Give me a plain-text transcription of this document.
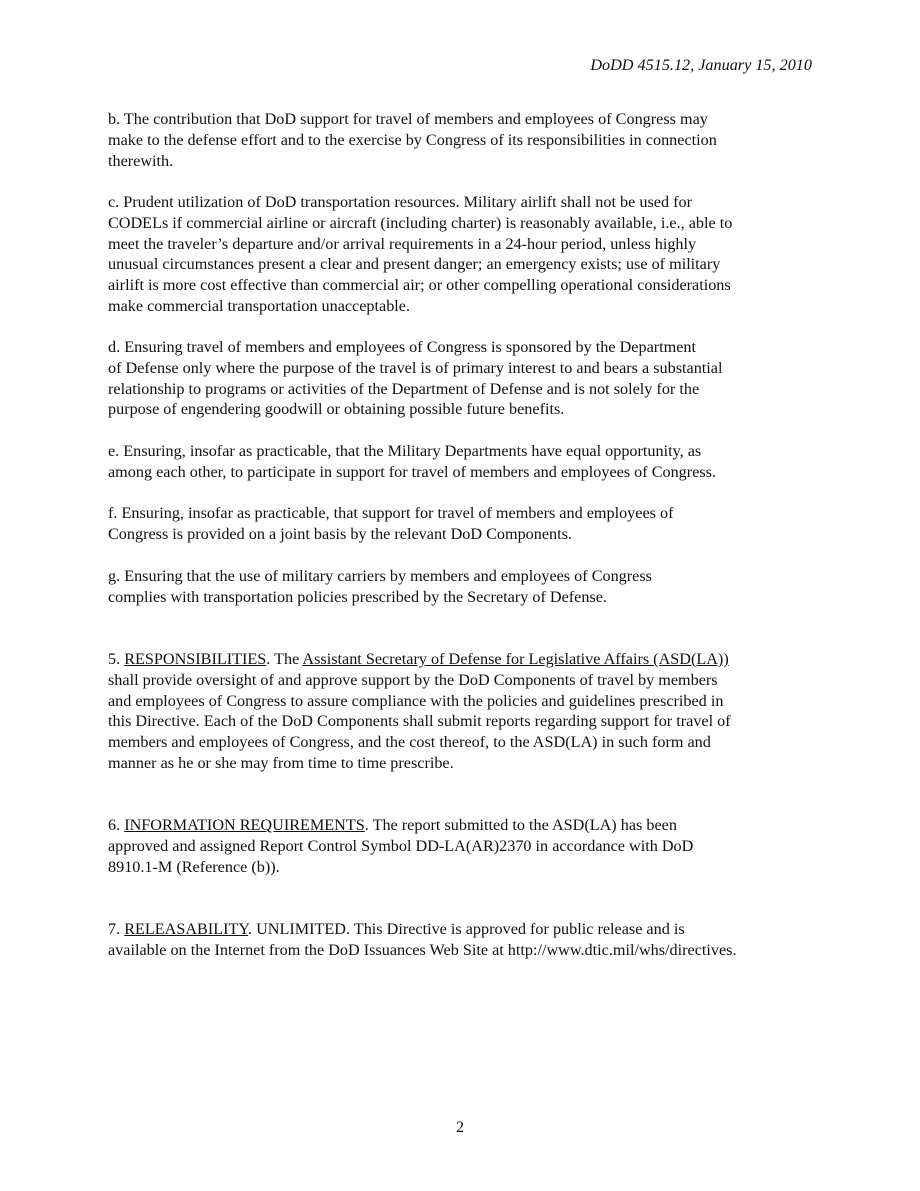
DoDD 4515.12, January 15, 2010

b. The contribution that DoD support for travel of members and employees of Congress may
make to the defense effort and to the exercise by Congress of its responsibilities in connection
therewith.

c. Prudent utilization of DoD transportation resources. Military airlift shall not be used for
CODELs if commercial airline or aircraft (including charter) is reasonably available, i.e., able to
meet the traveler’s departure and/or arrival requirements in a 24-hour period, unless highly
unusual circumstances present a clear and present danger; an emergency exists; use of military
airlift is more cost effective than commercial air; or other compelling operational considerations
make commercial transportation unacceptable.

d. Ensuring travel of members and employees of Congress is sponsored by the Department
of Defense only where the purpose of the travel is of primary interest to and bears a substantial
relationship to programs or activities of the Department of Defense and is not solely for the
purpose of engendering goodwill or obtaining possible future benefits.

e. Ensuring, insofar as practicable, that the Military Departments have equal opportunity, as
among each other, to participate in support for travel of members and employees of Congress.

f. Ensuring, insofar as practicable, that support for travel of members and employees of
Congress is provided on a joint basis by the relevant DoD Components.

g. Ensuring that the use of military carriers by members and employees of Congress
complies with transportation policies prescribed by the Secretary of Defense.

5. RESPONSIBILITIES. The Assistant Secretary of Defense for Legislative Affairs (ASD(LA))
shall provide oversight of and approve support by the DoD Components of travel by members
and employees of Congress to assure compliance with the policies and guidelines prescribed in
this Directive. Each of the DoD Components shall submit reports regarding support for travel of
members and employees of Congress, and the cost thereof, to the ASD(LA) in such form and
manner as he or she may from time to time prescribe.

6. INFORMATION REQUIREMENTS. The report submitted to the ASD(LA) has been
approved and assigned Report Control Symbol DD-LA(AR)2370 in accordance with DoD
8910.1-M (Reference (b)).

7. RELEASABILITY. UNLIMITED. This Directive is approved for public release and is
available on the Internet from the DoD Issuances Web Site at http://www.dtic.mil/whs/directives.

2
